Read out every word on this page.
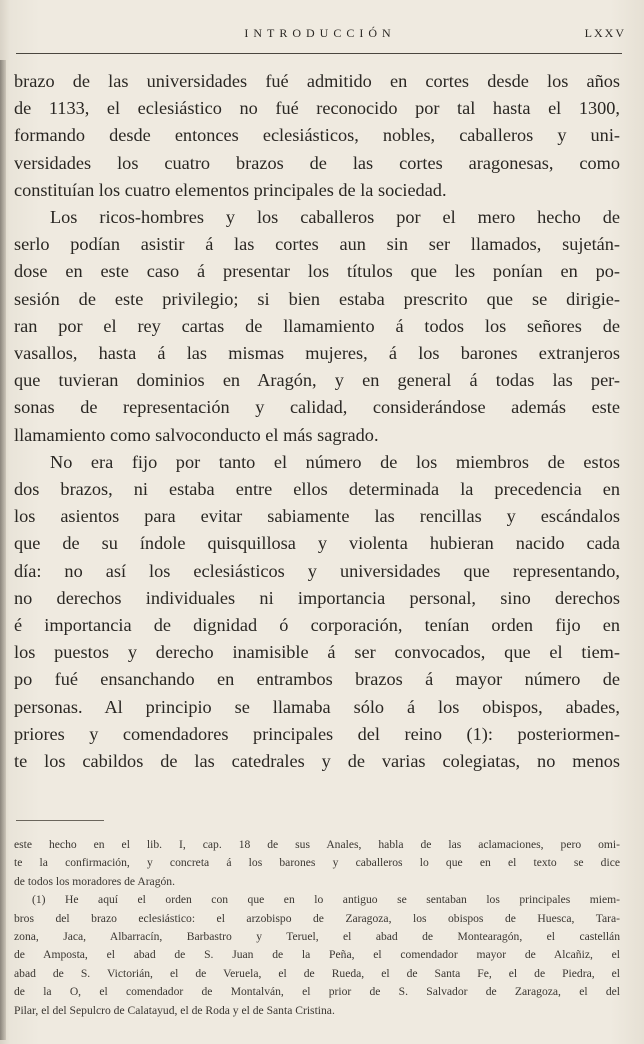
INTRODUCCIÓN	LXXV
brazo de las universidades fué admitido en cortes desde los años
de 1133, el eclesiástico no fué reconocido por tal hasta el 1300,
formando desde entonces eclesiásticos, nobles, caballeros y uni-
versidades los cuatro brazos de las cortes aragonesas, como
constituían los cuatro elementos principales de la sociedad.
Los ricos-hombres y los caballeros por el mero hecho de
serlo podían asistir á las cortes aun sin ser llamados, sujetán-
dose en este caso á presentar los títulos que les ponían en po-
sesión de este privilegio; si bien estaba prescrito que se dirigie-
ran por el rey cartas de llamamiento á todos los señores de
vasallos, hasta á las mismas mujeres, á los barones extranjeros
que tuvieran dominios en Aragón, y en general á todas las per-
sonas de representación y calidad, considerándose además este
llamamiento como salvoconducto el más sagrado.
No era fijo por tanto el número de los miembros de estos
dos brazos, ni estaba entre ellos determinada la precedencia en
los asientos para evitar sabiamente las rencillas y escándalos
que de su índole quisquillosa y violenta hubieran nacido cada
día: no así los eclesiásticos y universidades que representando,
no derechos individuales ni importancia personal, sino derechos
é importancia de dignidad ó corporación, tenían orden fijo en
los puestos y derecho inamisible á ser convocados, que el tiem-
po fué ensanchando en entrambos brazos á mayor número de
personas. Al principio se llamaba sólo á los obispos, abades,
priores y comendadores principales del reino (1): posteriormen-
te los cabildos de las catedrales y de varias colegiatas, no menos
este hecho en el lib. I, cap. 18 de sus Anales, habla de las aclamaciones, pero omi-
te la confirmación, y concreta á los barones y caballeros lo que en el texto se dice
de todos los moradores de Aragón.
(1) He aquí el orden con que en lo antiguo se sentaban los principales miem-
bros del brazo eclesiástico: el arzobispo de Zaragoza, los obispos de Huesca, Tara-
zona, Jaca, Albarracín, Barbastro y Teruel, el abad de Montearagón, el castellán
de Amposta, el abad de S. Juan de la Peña, el comendador mayor de Alcañiz, el
abad de S. Victorián, el de Veruela, el de Rueda, el de Santa Fe, el de Piedra, el
de la O, el comendador de Montalván, el prior de S. Salvador de Zaragoza, el del
Pilar, el del Sepulcro de Calatayud, el de Roda y el de Santa Cristina.
